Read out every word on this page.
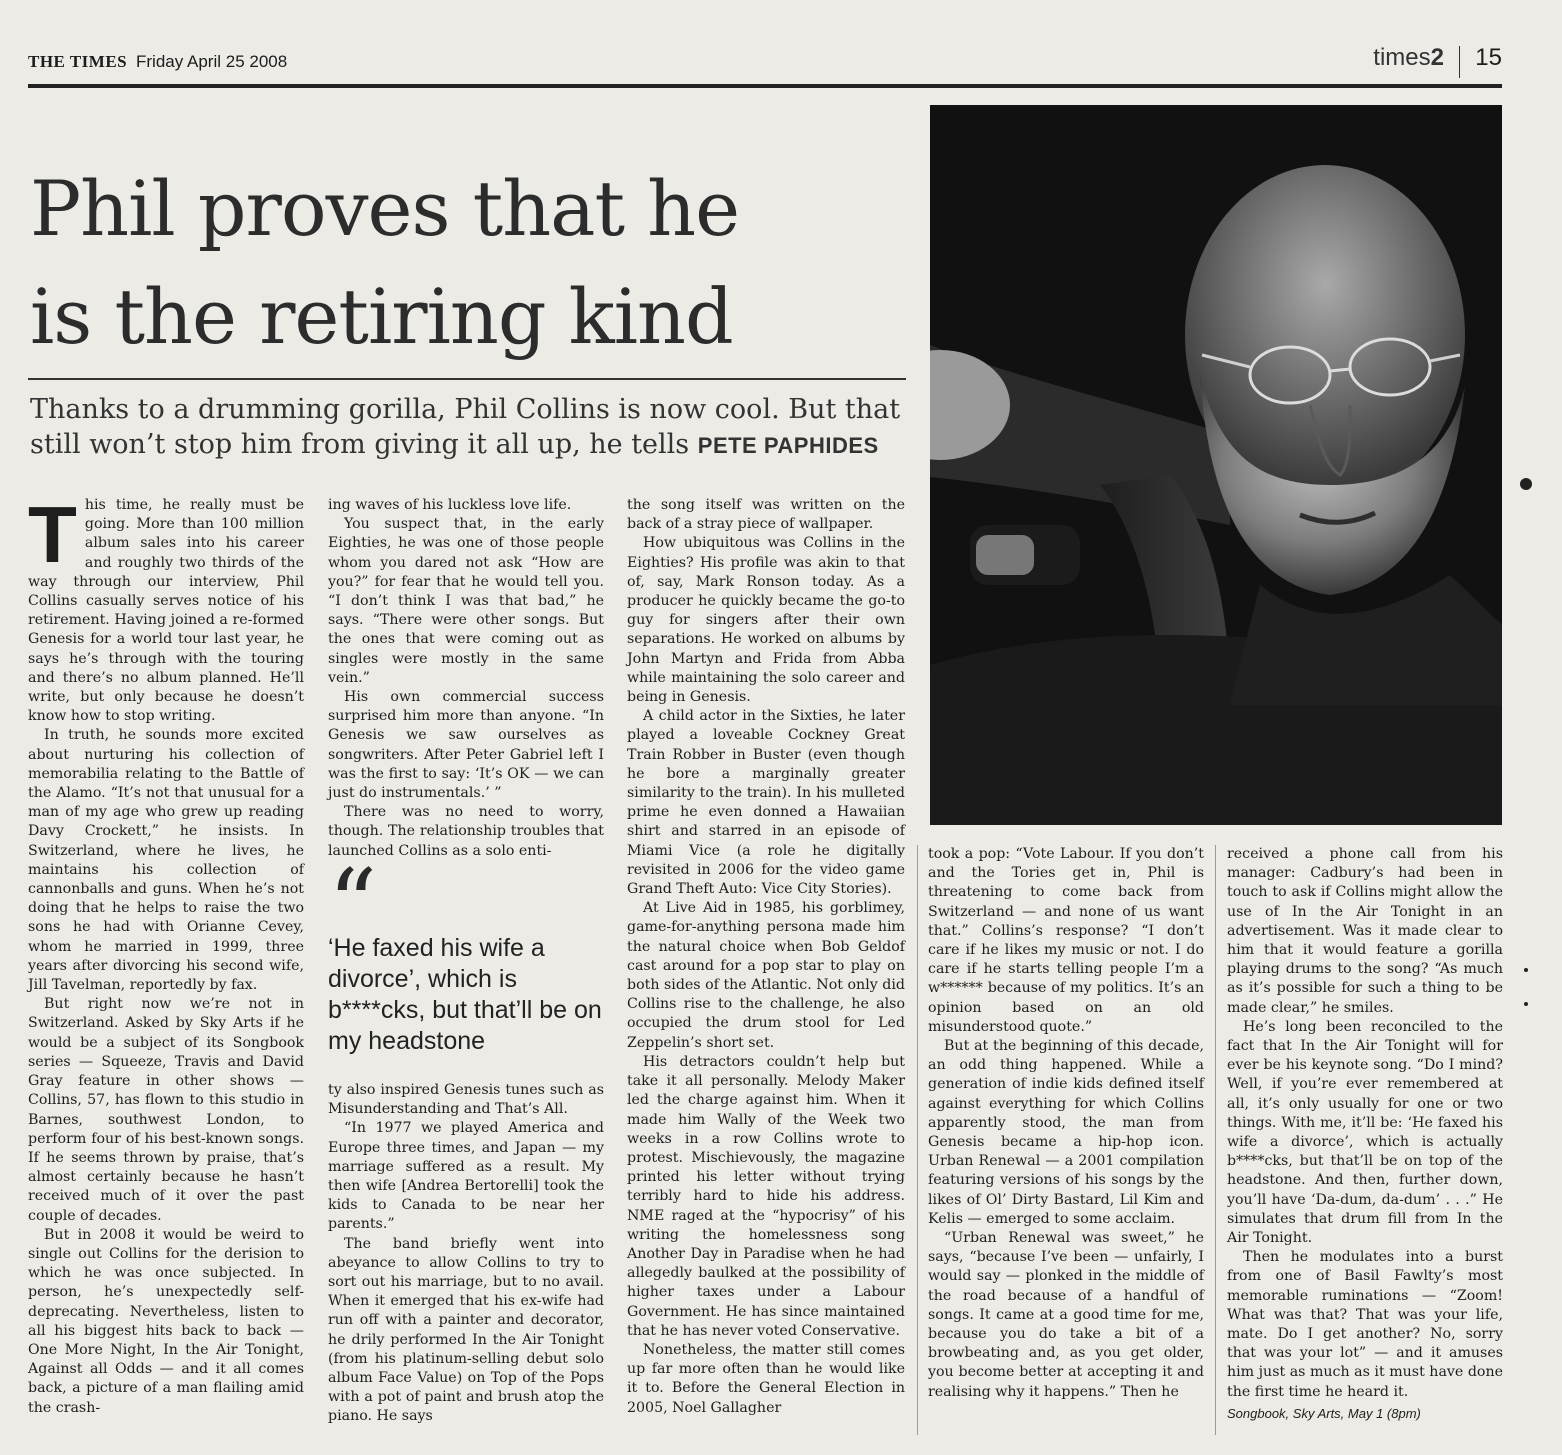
THE TIMES Friday April 25 2008	times2 15
Phil proves that he
is the retiring kind

Thanks to a drumming gorilla, Phil Collins is now cool. But that still won’t stop him from giving it all up, he tells PETE PAPHIDES

This time, he really must be going. More than 100 million album sales into his career and roughly two thirds of the way through our interview, Phil Collins casually serves notice of his retirement. Having joined a re-formed Genesis for a world tour last year, he says he’s through with the touring and there’s no album planned. He’ll write, but only because he doesn’t know how to stop writing.

In truth, he sounds more excited about nurturing his collection of memorabilia relating to the Battle of the Alamo. “It’s not that unusual for a man of my age who grew up reading Davy Crockett,” he insists. In Switzerland, where he lives, he maintains his collection of cannonballs and guns. When he’s not doing that he helps to raise the two sons he had with Orianne Cevey, whom he married in 1999, three years after divorcing his second wife, Jill Tavelman, reportedly by fax.

But right now we’re not in Switzerland. Asked by Sky Arts if he would be a subject of its Songbook series — Squeeze, Travis and David Gray feature in other shows — Collins, 57, has flown to this studio in Barnes, southwest London, to perform four of his best-known songs. If he seems thrown by praise, that’s almost certainly because he hasn’t received much of it over the past couple of decades.

But in 2008 it would be weird to single out Collins for the derision to which he was once subjected. In person, he’s unexpectedly self-deprecating. Nevertheless, listen to all his biggest hits back to back — One More Night, In the Air Tonight, Against all Odds — and it all comes back, a picture of a man flailing amid the crash-

ing waves of his luckless love life.

You suspect that, in the early Eighties, he was one of those people whom you dared not ask “How are you?” for fear that he would tell you. “I don’t think I was that bad,” he says. “There were other songs. But the ones that were coming out as singles were mostly in the same vein.”

His own commercial success surprised him more than anyone. “In Genesis we saw ourselves as songwriters. After Peter Gabriel left I was the first to say: ‘It’s OK — we can just do instrumentals.’ ”

There was no need to worry, though. The relationship troubles that launched Collins as a solo enti-

“
‘He faxed his wife a divorce’, which is b****cks, but that’ll be on my headstone

ty also inspired Genesis tunes such as Misunderstanding and That’s All.

“In 1977 we played America and Europe three times, and Japan — my marriage suffered as a result. My then wife [Andrea Bertorelli] took the kids to Canada to be near her parents.”

The band briefly went into abeyance to allow Collins to try to sort out his marriage, but to no avail. When it emerged that his ex-wife had run off with a painter and decorator, he drily performed In the Air Tonight (from his platinum-selling debut solo album Face Value) on Top of the Pops with a pot of paint and brush atop the piano. He says

the song itself was written on the back of a stray piece of wallpaper.

How ubiquitous was Collins in the Eighties? His profile was akin to that of, say, Mark Ronson today. As a producer he quickly became the go-to guy for singers after their own separations. He worked on albums by John Martyn and Frida from Abba while maintaining the solo career and being in Genesis.

A child actor in the Sixties, he later played a loveable Cockney Great Train Robber in Buster (even though he bore a marginally greater similarity to the train). In his mulleted prime he even donned a Hawaiian shirt and starred in an episode of Miami Vice (a role he digitally revisited in 2006 for the video game Grand Theft Auto: Vice City Stories).

At Live Aid in 1985, his gorblimey, game-for-anything persona made him the natural choice when Bob Geldof cast around for a pop star to play on both sides of the Atlantic. Not only did Collins rise to the challenge, he also occupied the drum stool for Led Zeppelin’s short set.

His detractors couldn’t help but take it all personally. Melody Maker led the charge against him. When it made him Wally of the Week two weeks in a row Collins wrote to protest. Mischievously, the magazine printed his letter without trying terribly hard to hide his address. NME raged at the “hypocrisy” of his writing the homelessness song Another Day in Paradise when he had allegedly baulked at the possibility of higher taxes under a Labour Government. He has since maintained that he has never voted Conservative.

Nonetheless, the matter still comes up far more often than he would like it to. Before the General Election in 2005, Noel Gallagher

took a pop: “Vote Labour. If you don’t and the Tories get in, Phil is threatening to come back from Switzerland — and none of us want that.” Collins’s response? “I don’t care if he likes my music or not. I do care if he starts telling people I’m a w****** because of my politics. It’s an opinion based on an old misunderstood quote.”

But at the beginning of this decade, an odd thing happened. While a generation of indie kids defined itself against everything for which Collins apparently stood, the man from Genesis became a hip-hop icon. Urban Renewal — a 2001 compilation featuring versions of his songs by the likes of Ol’ Dirty Bastard, Lil Kim and Kelis — emerged to some acclaim.

“Urban Renewal was sweet,” he says, “because I’ve been — unfairly, I would say — plonked in the middle of the road because of a handful of songs. It came at a good time for me, because you do take a bit of a browbeating and, as you get older, you become better at accepting it and realising why it happens.” Then he

received a phone call from his manager: Cadbury’s had been in touch to ask if Collins might allow the use of In the Air Tonight in an advertisement. Was it made clear to him that it would feature a gorilla playing drums to the song? “As much as it’s possible for such a thing to be made clear,” he smiles.

He’s long been reconciled to the fact that In the Air Tonight will for ever be his keynote song. “Do I mind? Well, if you’re ever remembered at all, it’s only usually for one or two things. With me, it’ll be: ‘He faxed his wife a divorce’, which is actually b****cks, but that’ll be on top of the headstone. And then, further down, you’ll have ‘Da-dum, da-dum’ . . .” He simulates that drum fill from In the Air Tonight.

Then he modulates into a burst from one of Basil Fawlty’s most memorable ruminations — “Zoom! What was that? That was your life, mate. Do I get another? No, sorry that was your lot” — and it amuses him just as much as it must have done the first time he heard it.

Songbook, Sky Arts, May 1 (8pm)
